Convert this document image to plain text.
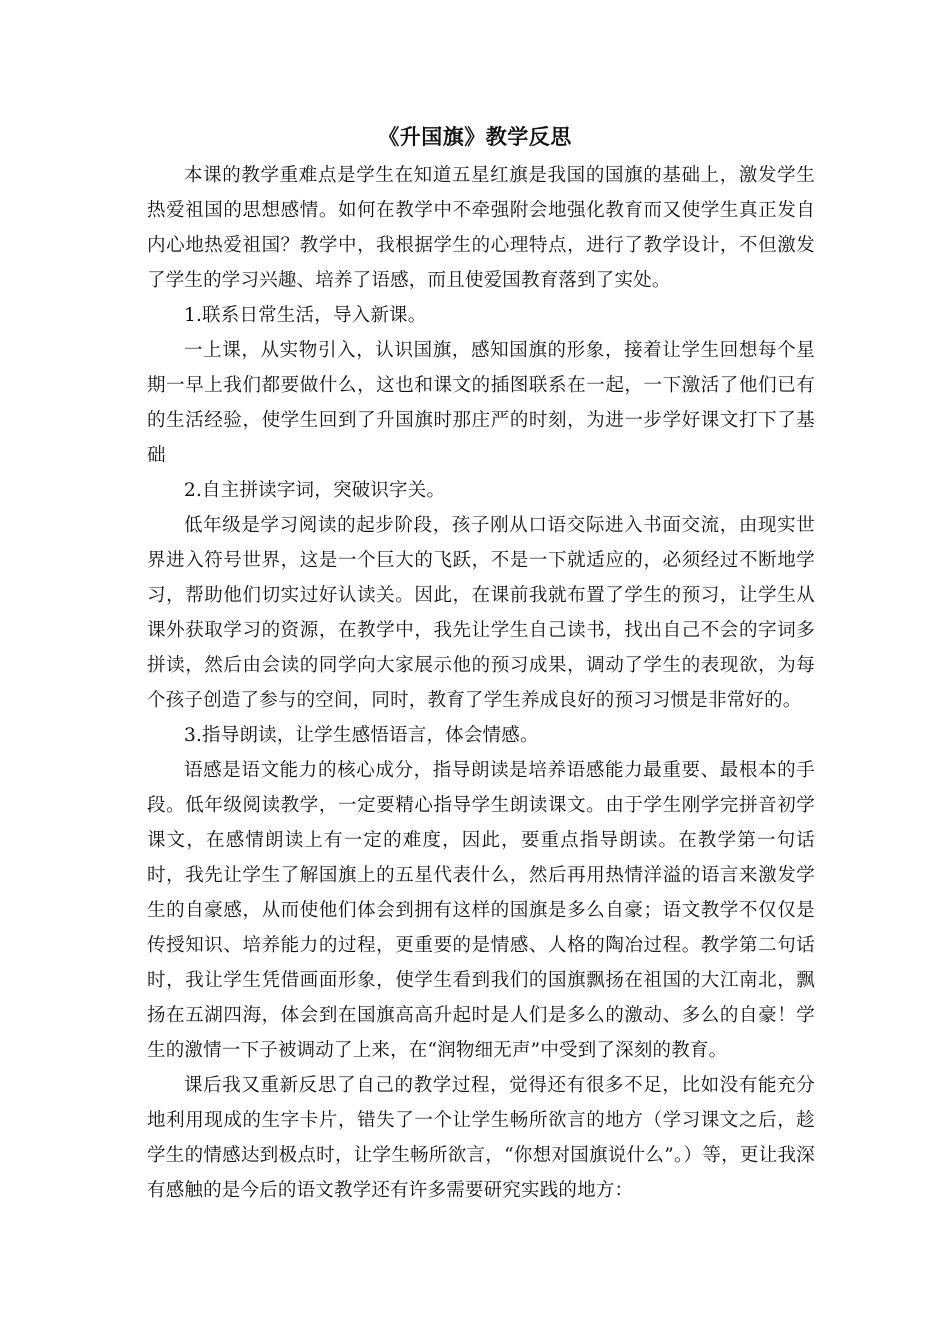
《升国旗》教学反思

本课的教学重难点是学生在知道五星红旗是我国的国旗的基础上，激发学生热爱祖国的思想感情。如何在教学中不牵强附会地强化教育而又使学生真正发自内心地热爱祖国？教学中，我根据学生的心理特点，进行了教学设计，不但激发了学生的学习兴趣、培养了语感，而且使爱国教育落到了实处。

1.联系日常生活，导入新课。

一上课，从实物引入，认识国旗，感知国旗的形象，接着让学生回想每个星期一早上我们都要做什么，这也和课文的插图联系在一起，一下激活了他们已有的生活经验，使学生回到了升国旗时那庄严的时刻，为进一步学好课文打下了基础

2.自主拼读字词，突破识字关。

低年级是学习阅读的起步阶段，孩子刚从口语交际进入书面交流，由现实世界进入符号世界，这是一个巨大的飞跃，不是一下就适应的，必须经过不断地学习，帮助他们切实过好认读关。因此，在课前我就布置了学生的预习，让学生从课外获取学习的资源，在教学中，我先让学生自己读书，找出自己不会的字词多拼读，然后由会读的同学向大家展示他的预习成果，调动了学生的表现欲，为每个孩子创造了参与的空间，同时，教育了学生养成良好的预习习惯是非常好的。

3.指导朗读，让学生感悟语言，体会情感。

语感是语文能力的核心成分，指导朗读是培养语感能力最重要、最根本的手段。低年级阅读教学，一定要精心指导学生朗读课文。由于学生刚学完拼音初学课文，在感情朗读上有一定的难度，因此，要重点指导朗读。在教学第一句话时，我先让学生了解国旗上的五星代表什么，然后再用热情洋溢的语言来激发学生的自豪感，从而使他们体会到拥有这样的国旗是多么自豪；语文教学不仅仅是传授知识、培养能力的过程，更重要的是情感、人格的陶冶过程。教学第二句话时，我让学生凭借画面形象，使学生看到我们的国旗飘扬在祖国的大江南北，飘扬在五湖四海，体会到在国旗高高升起时是人们是多么的激动、多么的自豪！学生的激情一下子被调动了上来，在“润物细无声”中受到了深刻的教育。

课后我又重新反思了自己的教学过程，觉得还有很多不足，比如没有能充分地利用现成的生字卡片，错失了一个让学生畅所欲言的地方（学习课文之后，趁学生的情感达到极点时，让学生畅所欲言，“你想对国旗说什么”。）等，更让我深有感触的是今后的语文教学还有许多需要研究实践的地方：
